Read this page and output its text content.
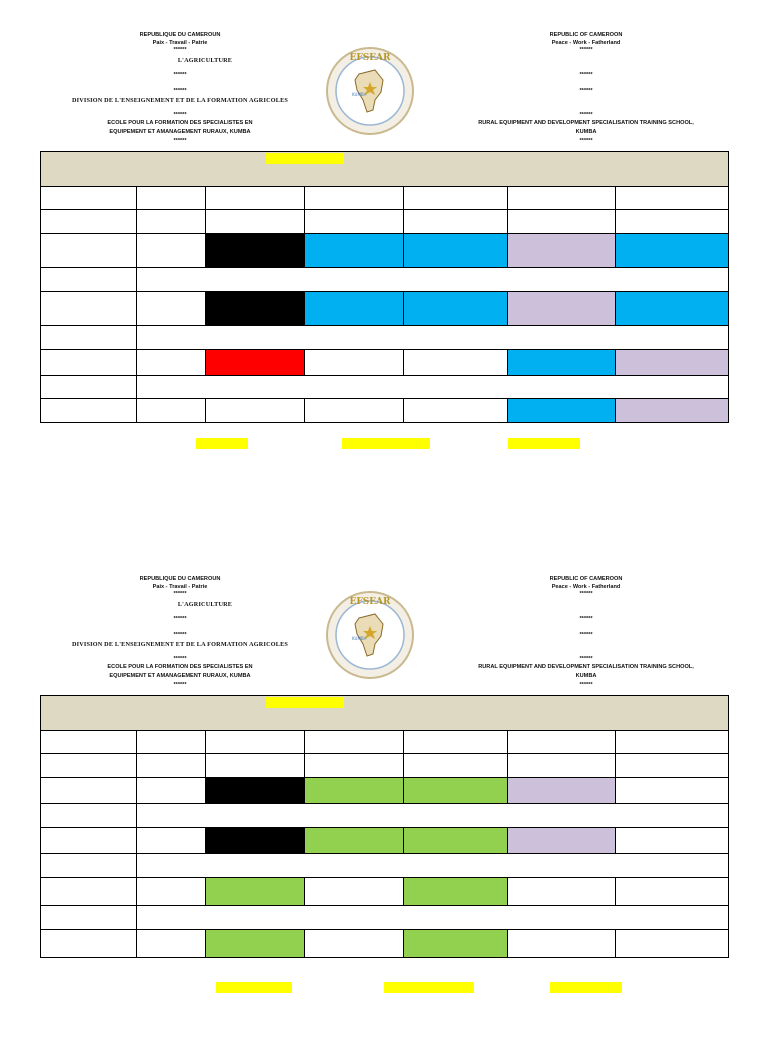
REPUBLIQUE DU CAMEROUN
Paix - Travail - Patrie
******
L'AGRICULTURE
******
******
DIVISION DE L'ENSEIGNEMENT ET DE LA FORMATION AGRICOLES
******
ECOLE POUR LA FORMATION DES SPECIALISTES EN
EQUIPEMENT ET AMANAGEMENT RURAUX, KUMBA
******
REPUBLIC OF CAMEROON
Peace - Work - Fatherland
******
******
******
******
RURAL EQUIPMENT AND DEVELOPMENT SPECIALISATION TRAINING SCHOOL,
KUMBA
******
EFSEAR
KUMBA

REPUBLIQUE DU CAMEROUN
Paix - Travail - Patrie
******
L'AGRICULTURE
******
******
DIVISION DE L'ENSEIGNEMENT ET DE LA FORMATION AGRICOLES
******
ECOLE POUR LA FORMATION DES SPECIALISTES EN
EQUIPEMENT ET AMANAGEMENT RURAUX, KUMBA
******
REPUBLIC OF CAMEROON
Peace - Work - Fatherland
******
******
******
******
RURAL EQUIPMENT AND DEVELOPMENT SPECIALISATION TRAINING SCHOOL,
KUMBA
******
EFSEAR
KUMBA
